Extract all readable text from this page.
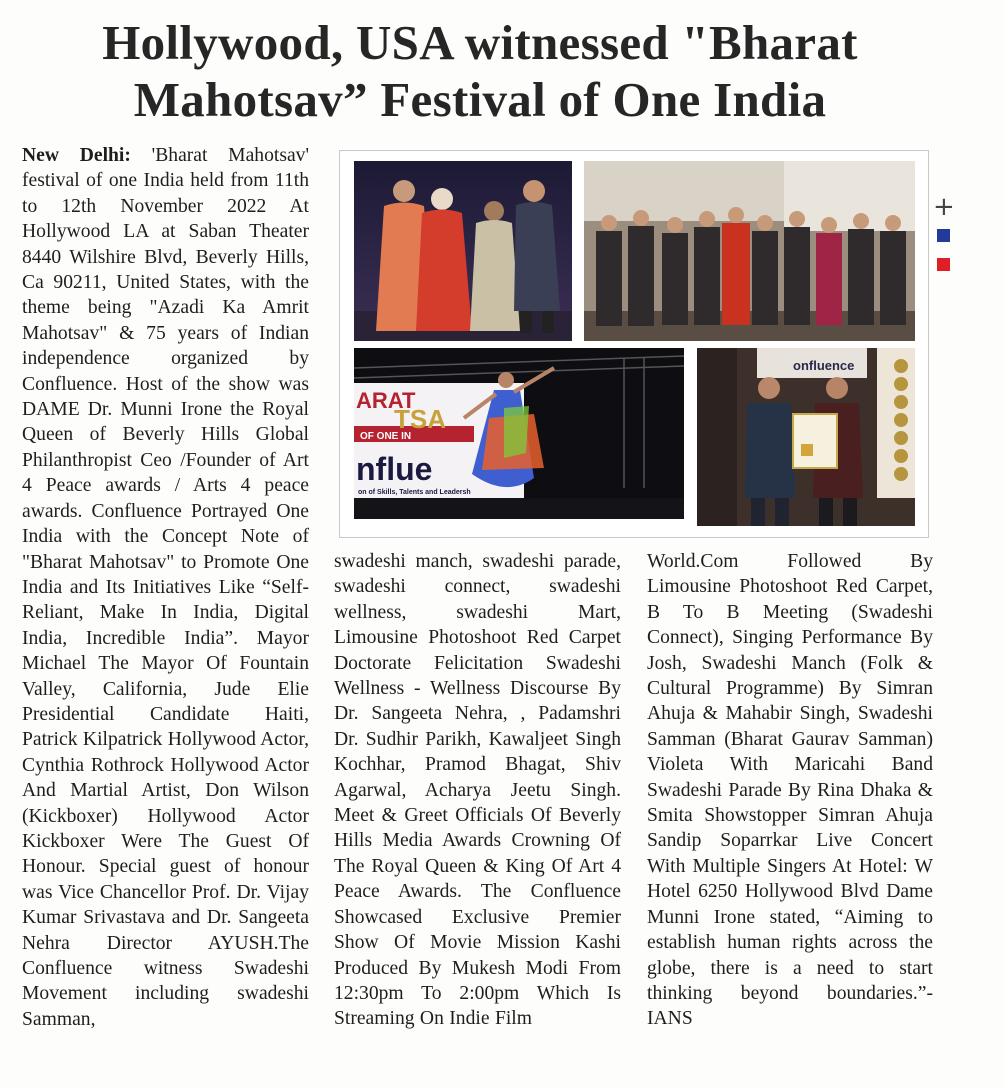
Hollywood, USA witnessed "Bharat
Mahotsav” Festival of One India

New Delhi: 'Bharat Mahotsav' festival of one India held from 11th to 12th November 2022 At Hollywood LA at Saban Theater 8440 Wilshire Blvd, Beverly Hills, Ca 90211, United States, with the theme being "Azadi Ka Amrit Mahotsav" & 75 years of Indian independence organized by Confluence. Host of the show was DAME Dr. Munni Irone the Royal Queen of Beverly Hills Global Philanthropist Ceo /Founder of Art 4 Peace awards / Arts 4 peace awards. Confluence Portrayed One India with the Concept Note of "Bharat Mahotsav" to Promote One India and Its Initiatives Like “Self-Reliant, Make In India, Digital India, Incredible India”. Mayor Michael The Mayor Of Fountain Valley, California, Jude Elie Presidential Candidate Haiti, Patrick Kilpatrick Hollywood Actor, Cynthia Rothrock Hollywood Actor And Martial Artist, Don Wilson (Kickboxer) Hollywood Actor Kickboxer Were The Guest Of Honour. Special guest of honour was Vice Chancellor Prof. Dr. Vijay Kumar Srivastava and Dr. Sangeeta Nehra Director AYUSH.The Confluence witness Swadeshi Movement including swadeshi Samman,

ARAT
TSA
OF ONE IN
nflue
on of Skills, Talents and Leadersh
onfluence
+

swadeshi manch, swadeshi parade, swadeshi connect, swadeshi wellness, swadeshi Mart, Limousine Photoshoot Red Carpet Doctorate Felicitation Swadeshi Wellness - Wellness Discourse By Dr. Sangeeta Nehra, , Padamshri Dr. Sudhir Parikh, Kawaljeet Singh Kochhar, Pramod Bhagat, Shiv Agarwal, Acharya Jeetu Singh. Meet & Greet Officials Of Beverly Hills Media Awards Crowning Of The Royal Queen & King Of Art 4 Peace Awards. The Confluence Showcased Exclusive Premier Show Of Movie Mission Kashi Produced By Mukesh Modi From 12:30pm To 2:00pm Which Is Streaming On Indie Film

World.Com Followed By Limousine Photoshoot Red Carpet, B To B Meeting (Swadeshi Connect), Singing Performance By Josh, Swadeshi Manch (Folk & Cultural Programme) By Simran Ahuja & Mahabir Singh, Swadeshi Samman (Bharat Gaurav Samman) Violeta With Maricahi Band Swadeshi Parade By Rina Dhaka & Smita Showstopper Simran Ahuja Sandip Soparrkar Live Concert With Multiple Singers At Hotel: W Hotel 6250 Hollywood Blvd Dame Munni Irone stated, “Aiming to establish human rights across the globe, there is a need to start thinking beyond boundaries.”- IANS
